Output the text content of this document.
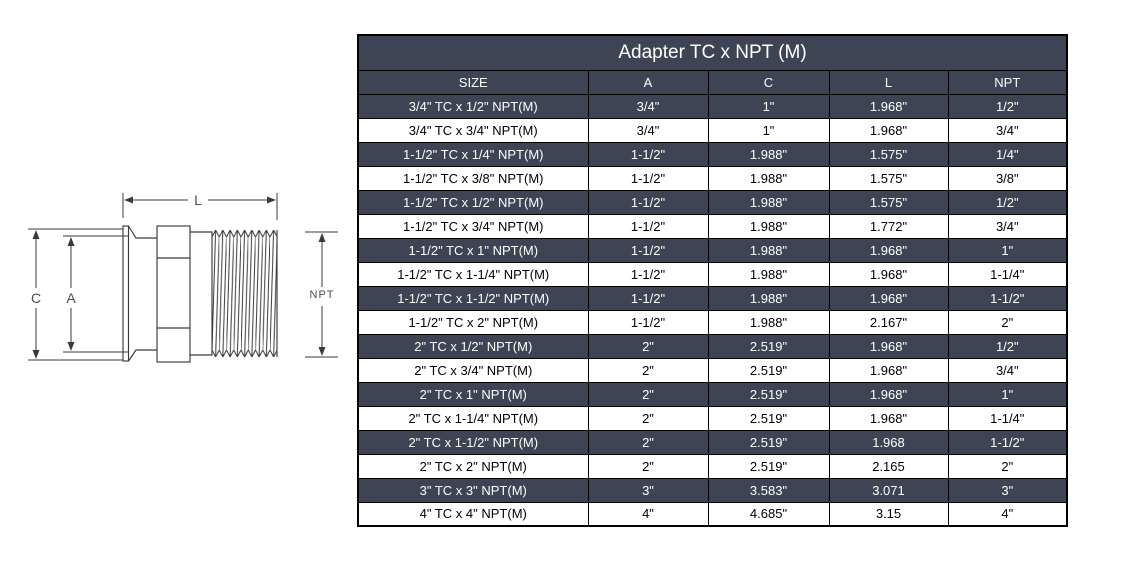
L
C A	NPT
Adapter TC x NPT (M)				
SIZE	A	C	L	NPT
3/4" TC x 1/2" NPT(M)	3/4"	1"	1.968"	1/2"
3/4" TC x 3/4" NPT(M)	3/4"	1"	1.968"	3/4"
1-1/2" TC x 1/4" NPT(M)	1-1/2"	1.988"	1.575"	1/4"
1-1/2" TC x 3/8" NPT(M)	1-1/2"	1.988"	1.575"	3/8"
1-1/2" TC x 1/2" NPT(M)	1-1/2"	1.988"	1.575"	1/2"
1-1/2" TC x 3/4" NPT(M)	1-1/2"	1.988"	1.772"	3/4"
1-1/2" TC x 1" NPT(M)	1-1/2"	1.988"	1.968"	1"
1-1/2" TC x 1-1/4" NPT(M)	1-1/2"	1.988"	1.968"	1-1/4"
1-1/2" TC x 1-1/2" NPT(M)	1-1/2"	1.988"	1.968"	1-1/2"
1-1/2" TC x 2" NPT(M)	1-1/2"	1.988"	2.167"	2"
2" TC x 1/2" NPT(M)	2"	2.519"	1.968"	1/2"
2" TC x 3/4" NPT(M)	2"	2.519"	1.968"	3/4"
2" TC x 1" NPT(M)	2"	2.519"	1.968"	1"
2" TC x 1-1/4" NPT(M)	2"	2.519"	1.968"	1-1/4"
2" TC x 1-1/2" NPT(M)	2"	2.519"	1.968	1-1/2"
2" TC x 2" NPT(M)	2"	2.519"	2.165	2"
3" TC x 3" NPT(M)	3"	3.583"	3.071	3"
4" TC x 4" NPT(M)	4"	4.685"	3.15	4"
